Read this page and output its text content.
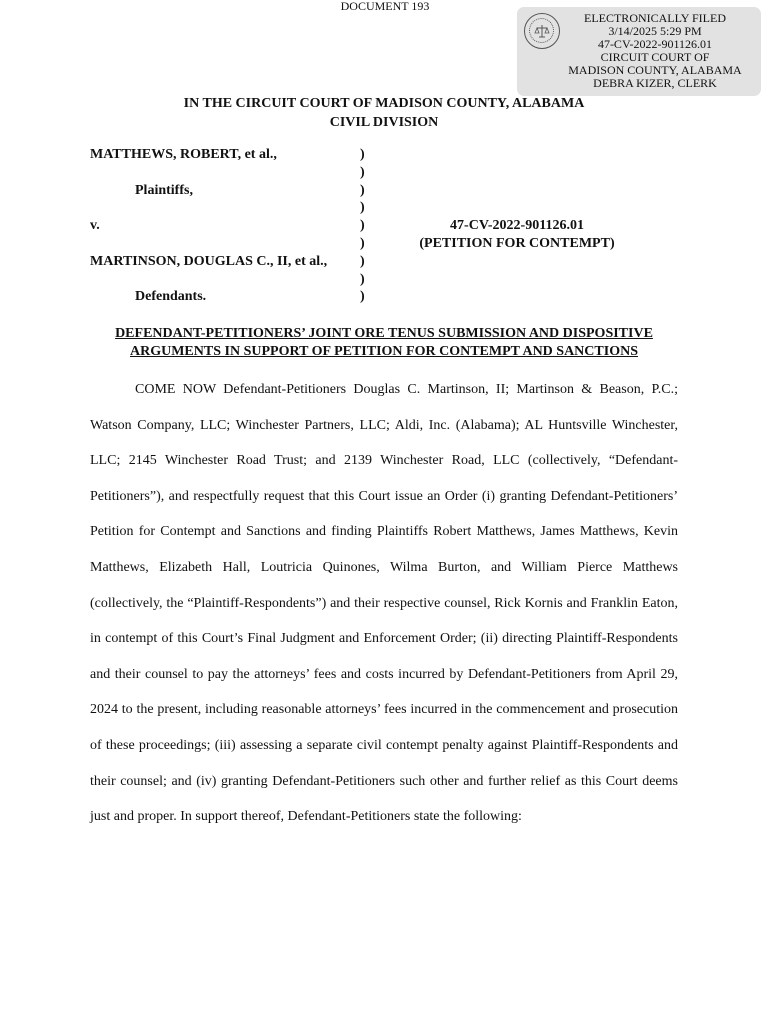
DOCUMENT 193
ELECTRONICALLY FILED
3/14/2025 5:29 PM
47-CV-2022-901126.01
CIRCUIT COURT OF
MADISON COUNTY, ALABAMA
DEBRA KIZER, CLERK
IN THE CIRCUIT COURT OF MADISON COUNTY, ALABAMA
CIVIL DIVISION
MATTHEWS, ROBERT, et al.,
Plaintiffs,
v.
MARTINSON, DOUGLAS C., II, et al.,
Defendants.
)
)
)
)
)
)
)
)
)
47-CV-2022-901126.01
(PETITION FOR CONTEMPT)
DEFENDANT-PETITIONERS’ JOINT ORE TENUS SUBMISSION AND DISPOSITIVE
ARGUMENTS IN SUPPORT OF PETITION FOR CONTEMPT AND SANCTIONS

COME NOW Defendant-Petitioners Douglas C. Martinson, II; Martinson & Beason, P.C.; Watson Company, LLC; Winchester Partners, LLC; Aldi, Inc. (Alabama); AL Huntsville Winchester, LLC; 2145 Winchester Road Trust; and 2139 Winchester Road, LLC (collectively, “Defendant-Petitioners”), and respectfully request that this Court issue an Order (i) granting Defendant-Petitioners’ Petition for Contempt and Sanctions and finding Plaintiffs Robert Matthews, James Matthews, Kevin Matthews, Elizabeth Hall, Loutricia Quinones, Wilma Burton, and William Pierce Matthews (collectively, the “Plaintiff-Respondents”) and their respective counsel, Rick Kornis and Franklin Eaton, in contempt of this Court’s Final Judgment and Enforcement Order; (ii) directing Plaintiff-Respondents and their counsel to pay the attorneys’ fees and costs incurred by Defendant-Petitioners from April 29, 2024 to the present, including reasonable attorneys’ fees incurred in the commencement and prosecution of these proceedings; (iii) assessing a separate civil contempt penalty against Plaintiff-Respondents and their counsel; and (iv) granting Defendant-Petitioners such other and further relief as this Court deems just and proper. In support thereof, Defendant-Petitioners state the following:
